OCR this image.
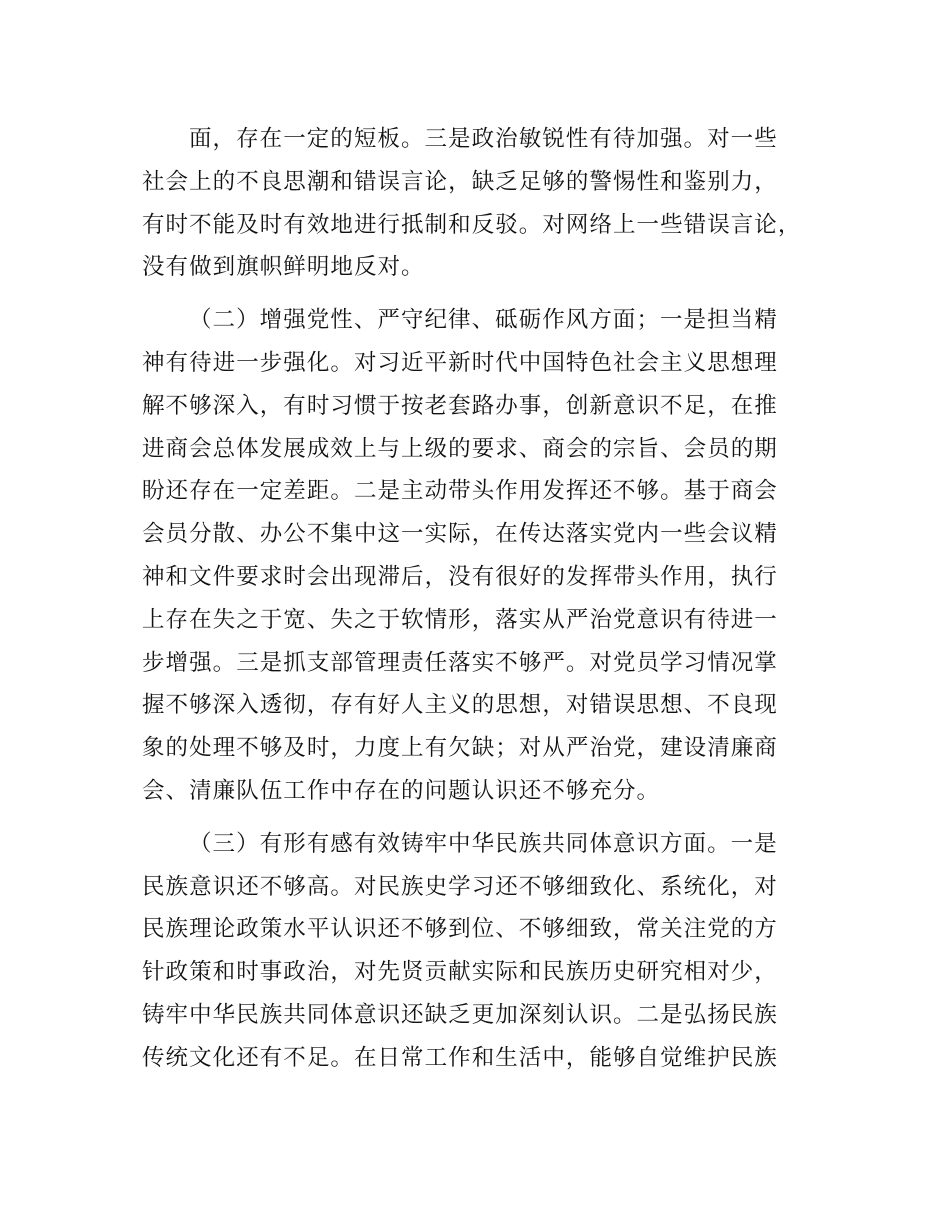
面，存在一定的短板。三是政治敏锐性有待加强。对一些
社会上的不良思潮和错误言论，缺乏足够的警惕性和鉴别力，
有时不能及时有效地进行抵制和反驳。对网络上一些错误言论，
没有做到旗帜鲜明地反对。

（二）增强党性、严守纪律、砥砺作风方面；一是担当精
神有待进一步强化。对习近平新时代中国特色社会主义思想理
解不够深入，有时习惯于按老套路办事，创新意识不足，在推
进商会总体发展成效上与上级的要求、商会的宗旨、会员的期
盼还存在一定差距。二是主动带头作用发挥还不够。基于商会
会员分散、办公不集中这一实际，在传达落实党内一些会议精
神和文件要求时会出现滞后，没有很好的发挥带头作用，执行
上存在失之于宽、失之于软情形，落实从严治党意识有待进一
步增强。三是抓支部管理责任落实不够严。对党员学习情况掌
握不够深入透彻，存有好人主义的思想，对错误思想、不良现
象的处理不够及时，力度上有欠缺；对从严治党，建设清廉商
会、清廉队伍工作中存在的问题认识还不够充分。

（三）有形有感有效铸牢中华民族共同体意识方面。一是
民族意识还不够高。对民族史学习还不够细致化、系统化，对
民族理论政策水平认识还不够到位、不够细致，常关注党的方
针政策和时事政治，对先贤贡献实际和民族历史研究相对少，
铸牢中华民族共同体意识还缺乏更加深刻认识。二是弘扬民族
传统文化还有不足。在日常工作和生活中，能够自觉维护民族
